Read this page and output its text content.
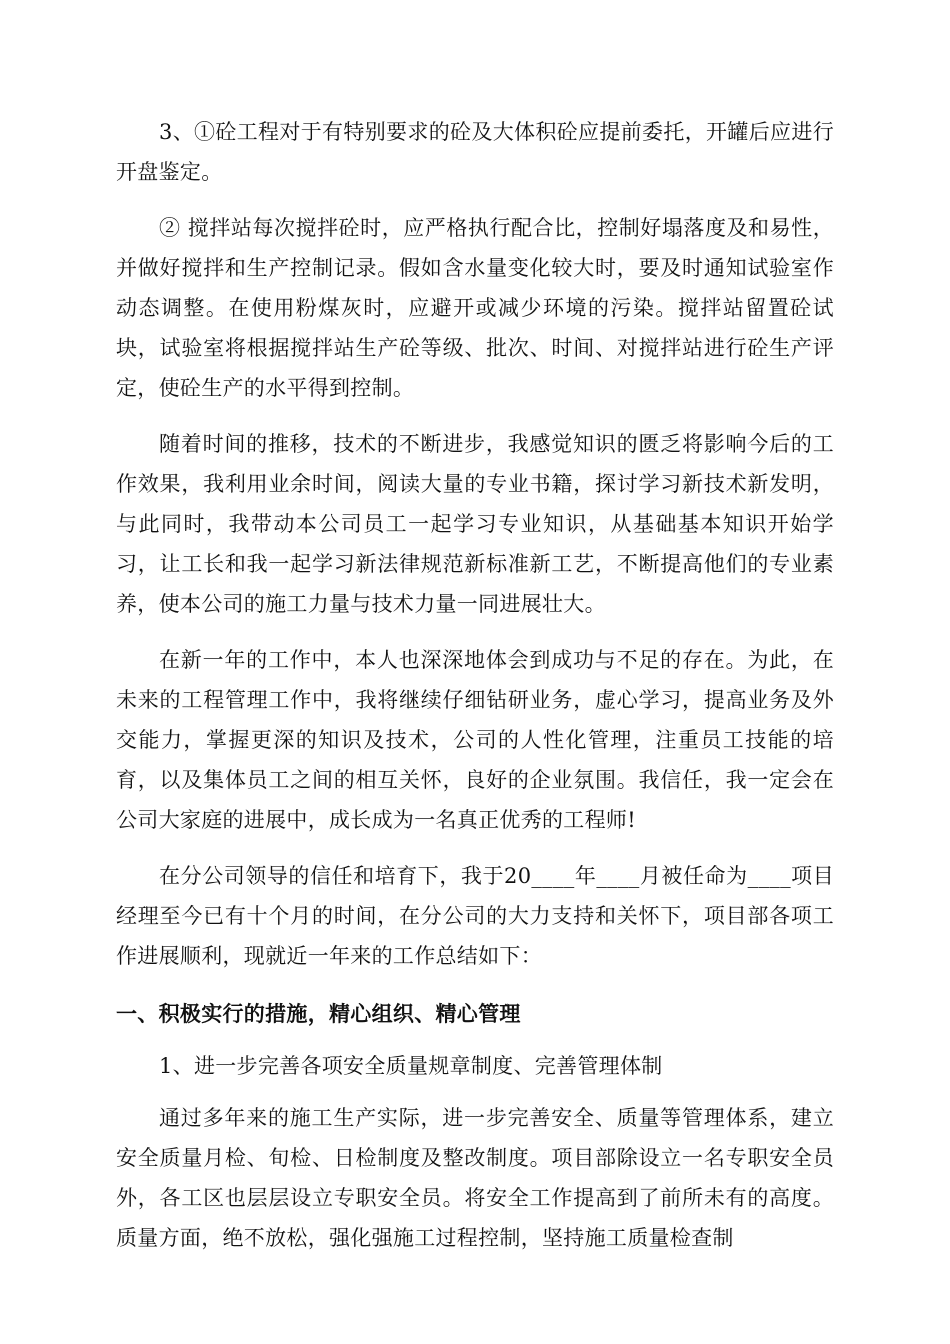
3、①砼工程对于有特别要求的砼及大体积砼应提前委托，开罐后应进行开盘鉴定。

② 搅拌站每次搅拌砼时，应严格执行配合比，控制好塌落度及和易性，并做好搅拌和生产控制记录。假如含水量变化较大时，要及时通知试验室作动态调整。在使用粉煤灰时，应避开或减少环境的污染。搅拌站留置砼试块，试验室将根据搅拌站生产砼等级、批次、时间、对搅拌站进行砼生产评定，使砼生产的水平得到控制。

随着时间的推移，技术的不断进步，我感觉知识的匮乏将影响今后的工作效果，我利用业余时间，阅读大量的专业书籍，探讨学习新技术新发明，与此同时，我带动本公司员工一起学习专业知识，从基础基本知识开始学习，让工长和我一起学习新法律规范新标准新工艺，不断提高他们的专业素养，使本公司的施工力量与技术力量一同进展壮大。

在新一年的工作中，本人也深深地体会到成功与不足的存在。为此，在未来的工程管理工作中，我将继续仔细钻研业务，虚心学习，提高业务及外交能力，掌握更深的知识及技术，公司的人性化管理，注重员工技能的培育，以及集体员工之间的相互关怀，良好的企业氛围。我信任，我一定会在公司大家庭的进展中，成长成为一名真正优秀的工程师!

在分公司领导的信任和培育下，我于20____年____月被任命为____项目经理至今已有十个月的时间，在分公司的大力支持和关怀下，项目部各项工作进展顺利，现就近一年来的工作总结如下：

一、积极实行的措施，精心组织、精心管理

1、进一步完善各项安全质量规章制度、完善管理体制

通过多年来的施工生产实际，进一步完善安全、质量等管理体系，建立安全质量月检、旬检、日检制度及整改制度。项目部除设立一名专职安全员外，各工区也层层设立专职安全员。将安全工作提高到了前所未有的高度。质量方面，绝不放松，强化强施工过程控制，坚持施工质量检查制
